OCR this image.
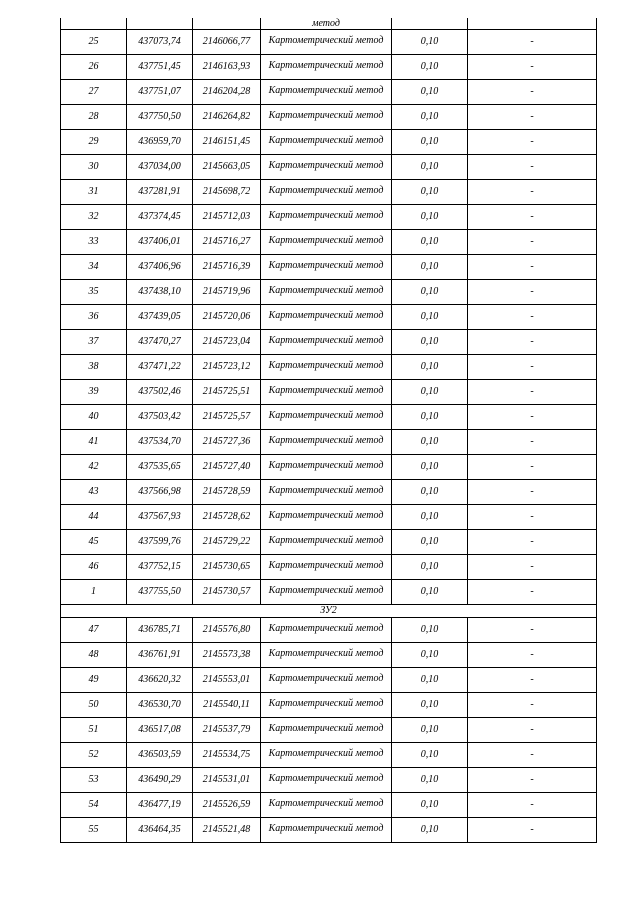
			метод		
25	437073,74	2146066,77	Картометрический метод	0,10	-
26	437751,45	2146163,93	Картометрический метод	0,10	-
27	437751,07	2146204,28	Картометрический метод	0,10	-
28	437750,50	2146264,82	Картометрический метод	0,10	-
29	436959,70	2146151,45	Картометрический метод	0,10	-
30	437034,00	2145663,05	Картометрический метод	0,10	-
31	437281,91	2145698,72	Картометрический метод	0,10	-
32	437374,45	2145712,03	Картометрический метод	0,10	-
33	437406,01	2145716,27	Картометрический метод	0,10	-
34	437406,96	2145716,39	Картометрический метод	0,10	-
35	437438,10	2145719,96	Картометрический метод	0,10	-
36	437439,05	2145720,06	Картометрический метод	0,10	-
37	437470,27	2145723,04	Картометрический метод	0,10	-
38	437471,22	2145723,12	Картометрический метод	0,10	-
39	437502,46	2145725,51	Картометрический метод	0,10	-
40	437503,42	2145725,57	Картометрический метод	0,10	-
41	437534,70	2145727,36	Картометрический метод	0,10	-
42	437535,65	2145727,40	Картометрический метод	0,10	-
43	437566,98	2145728,59	Картометрический метод	0,10	-
44	437567,93	2145728,62	Картометрический метод	0,10	-
45	437599,76	2145729,22	Картометрический метод	0,10	-
46	437752,15	2145730,65	Картометрический метод	0,10	-
1	437755,50	2145730,57	Картометрический метод	0,10	-
ЗУ2					
47	436785,71	2145576,80	Картометрический метод	0,10	-
48	436761,91	2145573,38	Картометрический метод	0,10	-
49	436620,32	2145553,01	Картометрический метод	0,10	-
50	436530,70	2145540,11	Картометрический метод	0,10	-
51	436517,08	2145537,79	Картометрический метод	0,10	-
52	436503,59	2145534,75	Картометрический метод	0,10	-
53	436490,29	2145531,01	Картометрический метод	0,10	-
54	436477,19	2145526,59	Картометрический метод	0,10	-
55	436464,35	2145521,48	Картометрический метод	0,10	-
